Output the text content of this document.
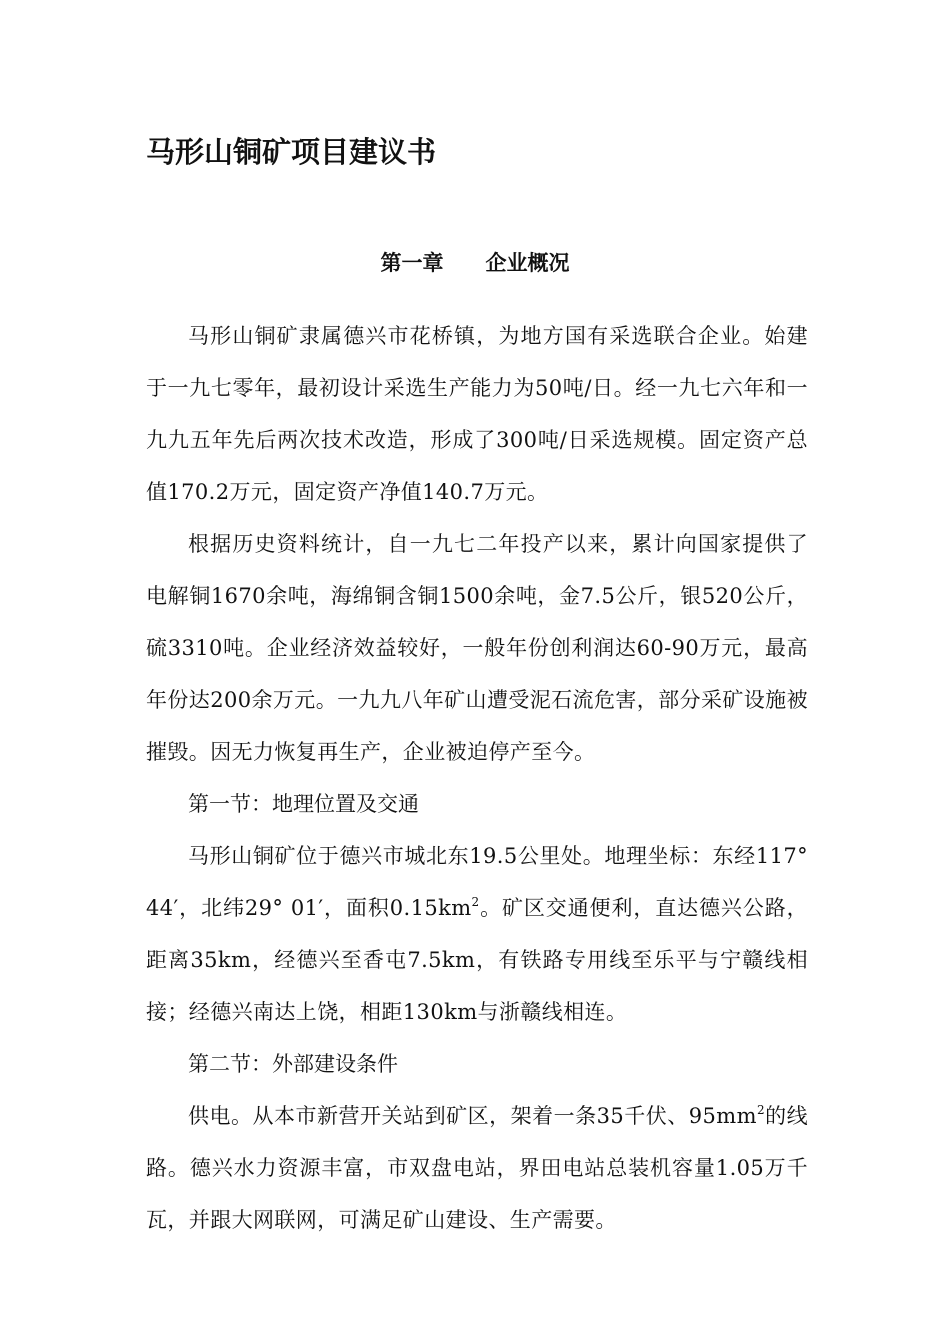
马形山铜矿项目建议书
第一章 企业概况

马形山铜矿隶属德兴市花桥镇，为地方国有采选联合企业。始建于一九七零年，最初设计采选生产能力为50吨/日。经一九七六年和一九九五年先后两次技术改造，形成了300吨/日采选规模。固定资产总值170.2万元，固定资产净值140.7万元。

根据历史资料统计，自一九七二年投产以来，累计向国家提供了电解铜1670余吨，海绵铜含铜1500余吨，金7.5公斤，银520公斤，硫3310吨。企业经济效益较好，一般年份创利润达60-90万元，最高年份达200余万元。一九九八年矿山遭受泥石流危害，部分采矿设施被摧毁。因无力恢复再生产，企业被迫停产至今。

第一节：地理位置及交通

马形山铜矿位于德兴市城北东19.5公里处。地理坐标：东经117° 44′，北纬29° 01′，面积$0.15km^2$。矿区交通便利，直达德兴公路，距离35km，经德兴至香屯7.5km，有铁路专用线至乐平与宁赣线相接；经德兴南达上饶，相距130km与浙赣线相连。

第二节：外部建设条件

供电。从本市新营开关站到矿区，架着一条35千伏、$95mm^2$的线路。德兴水力资源丰富，市双盘电站，界田电站总装机容量1.05万千瓦，并跟大网联网，可满足矿山建设、生产需要。
